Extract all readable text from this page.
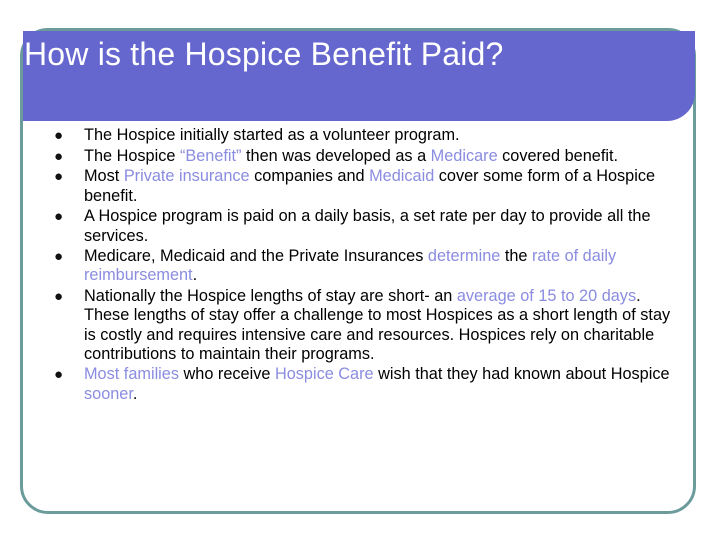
How is the Hospice Benefit Paid?
● The Hospice initially started as a volunteer program.
● The Hospice “Benefit” then was developed as a Medicare covered benefit.
● Most Private insurance companies and Medicaid cover some form of a Hospice benefit.
● A Hospice program is paid on a daily basis, a set rate per day to provide all the services.
● Medicare, Medicaid and the Private Insurances determine the rate of daily reimbursement.
● Nationally the Hospice lengths of stay are short- an average of 15 to 20 days. These lengths of stay offer a challenge to most Hospices as a short length of stay is costly and requires intensive care and resources. Hospices rely on charitable contributions to maintain their programs.
● Most families who receive Hospice Care wish that they had known about Hospice sooner.
